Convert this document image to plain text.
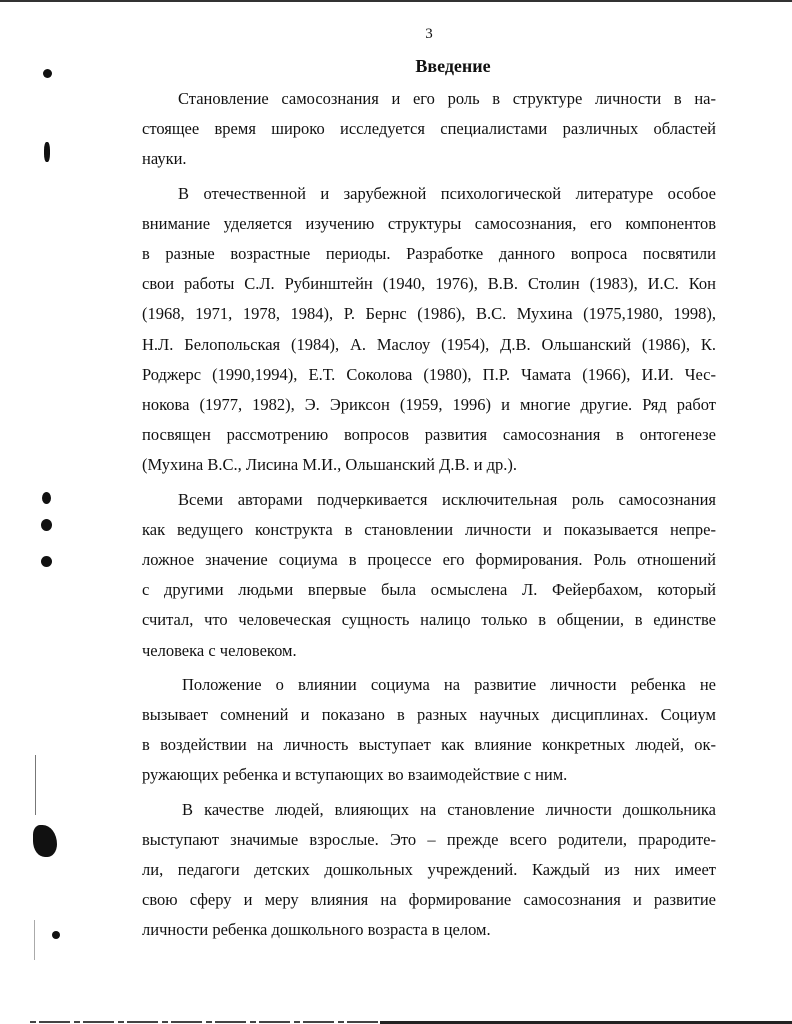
3
Введение

Становление самосознания и его роль в структуре личности в на-
стоящее время широко исследуется специалистами различных областей
науки.

В отечественной и зарубежной психологической литературе особое
внимание уделяется изучению структуры самосознания, его компонентов
в разные возрастные периоды. Разработке данного вопроса посвятили
свои работы С.Л. Рубинштейн (1940, 1976), В.В. Столин (1983), И.С. Кон
(1968, 1971, 1978, 1984), Р. Бернс (1986), В.С. Мухина (1975,1980, 1998),
Н.Л. Белопольская (1984), А. Маслоу (1954), Д.В. Ольшанский (1986), К.
Роджерс (1990,1994), Е.Т. Соколова (1980), П.Р. Чамата (1966), И.И. Чес-
нокова (1977, 1982), Э. Эриксон (1959, 1996) и многие другие. Ряд работ
посвящен рассмотрению вопросов развития самосознания в онтогенезе
(Мухина В.С., Лисина М.И., Ольшанский Д.В. и др.).

Всеми авторами подчеркивается исключительная роль самосознания
как ведущего конструкта в становлении личности и показывается непре-
ложное значение социума в процессе его формирования. Роль отношений
с другими людьми впервые была осмыслена Л. Фейербахом, который
считал, что человеческая сущность налицо только в общении, в единстве
человека с человеком.

Положение о влиянии социума на развитие личности ребенка не
вызывает сомнений и показано в разных научных дисциплинах. Социум
в воздействии на личность выступает как влияние конкретных людей, ок-
ружающих ребенка и вступающих во взаимодействие с ним.

В качестве людей, влияющих на становление личности дошкольника
выступают значимые взрослые. Это – прежде всего родители, прародите-
ли, педагоги детских дошкольных учреждений. Каждый из них имеет
свою сферу и меру влияния на формирование самосознания и развитие
личности ребенка дошкольного возраста в целом.
